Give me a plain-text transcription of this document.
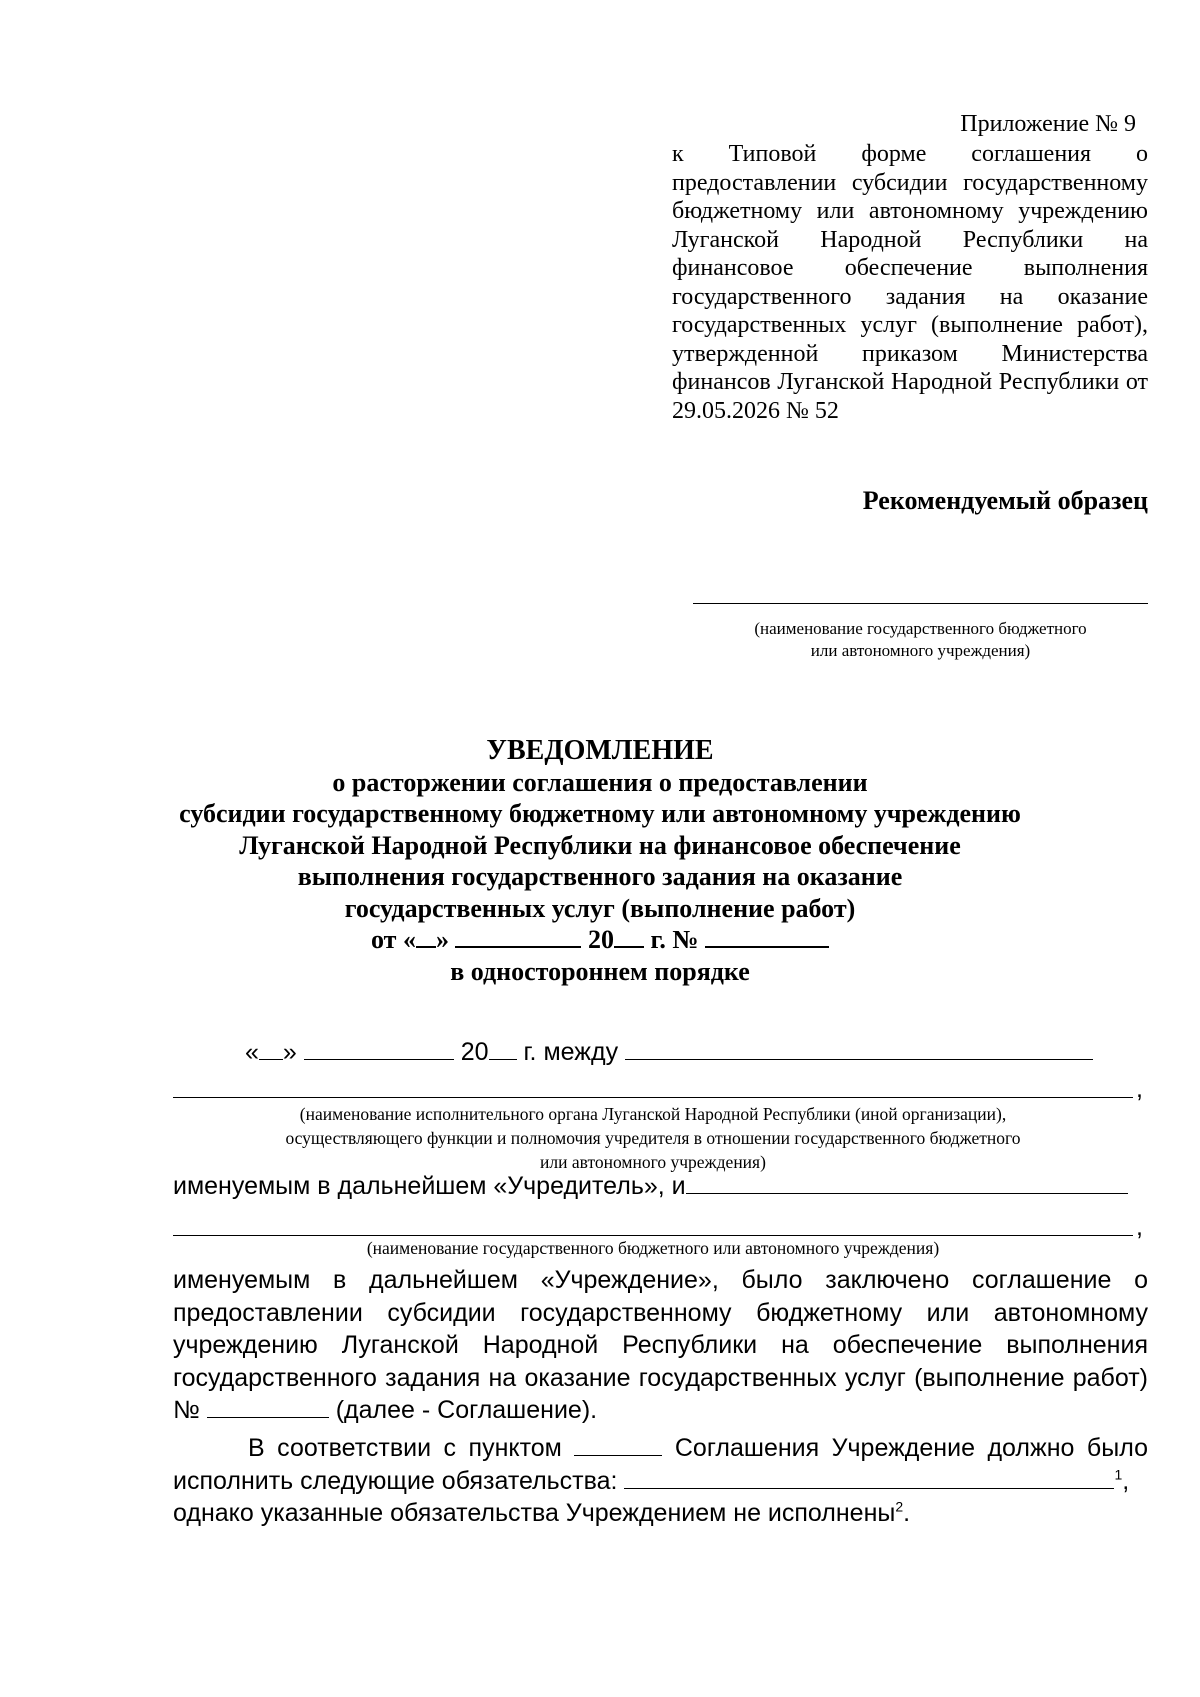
Приложение № 9
к Типовой форме соглашения о предоставлении субсидии государственному бюджетному или автономному учреждению Луганской Народной Республики на финансовое обеспечение выполнения государственного задания на оказание государственных услуг (выполнение работ), утвержденной приказом Министерства финансов Луганской Народной Республики от 29.05.2026 № 52
Рекомендуемый образец
(наименование государственного бюджетного
или автономного учреждения)
УВЕДОМЛЕНИЕ
о расторжении соглашения о предоставлении
субсидии государственному бюджетному или автономному учреждению
Луганской Народной Республики на финансовое обеспечение
выполнения государственного задания на оказание
государственных услуг (выполнение работ)
от « »	20 г. №
в одностороннем порядке
« »	20 г. между
,
(наименование исполнительного органа Луганской Народной Республики (иной организации),
осуществляющего функции и полномочия учредителя в отношении государственного бюджетного
или автономного учреждения)
именуемым в дальнейшем «Учредитель», и
,
(наименование государственного бюджетного или автономного учреждения)
именуемым в дальнейшем «Учреждение», было заключено соглашение о предоставлении субсидии государственному бюджетному или автономному учреждению Луганской Народной Республики на обеспечение выполнения государственного задания на оказание государственных услуг (выполнение работ) №	(далее - Соглашение).
В соответствии с пунктом	Соглашения Учреждение должно было исполнить следующие обязательства:	$^1$,
однако указанные обязательства Учреждением не исполнены$^2$.
